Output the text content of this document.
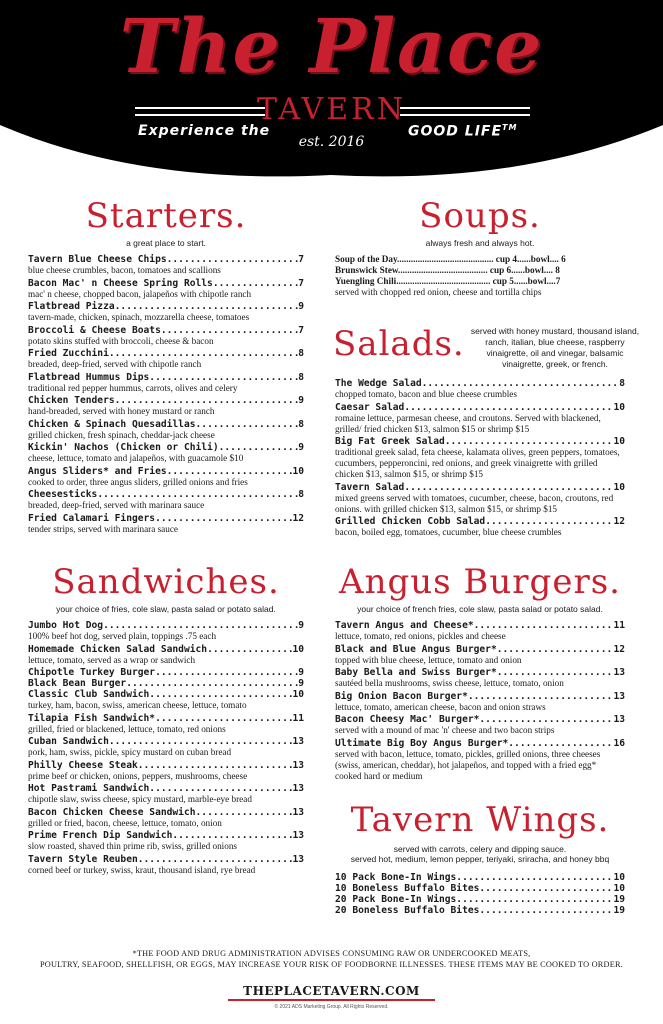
The Place
TAVERN
Experience the	GOOD LIFE™
est. 2016
Starters.
a great place to start.
Tavern Blue Cheese Chips .....	7
blue cheese crumbles, bacon, tomatoes and scallions
Bacon Mac' n Cheese Spring Rolls .....	7
mac' n cheese, chopped bacon, jalapeños with chipotle ranch
Flatbread Pizza .....	9
tavern-made, chicken, spinach, mozzarella cheese, tomatoes
Broccoli & Cheese Boats .....	7
potato skins stuffed with broccoli, cheese & bacon
Fried Zucchini .....	8
breaded, deep-fried, served with chipotle ranch
Flatbread Hummus Dips .....	8
traditional red pepper hummus, carrots, olives and celery
Chicken Tenders .....	9
hand-breaded, served with honey mustard or ranch
Chicken & Spinach Quesadillas .....	8
grilled chicken, fresh spinach, cheddar-jack cheese
Kickin' Nachos (Chicken or Chili) .....	9
cheese, lettuce, tomato and jalapeños, with guacamole $10
Angus Sliders* and Fries .....	10
cooked to order, three angus sliders, grilled onions and fries
Cheesesticks .....	8
breaded, deep-fried, served with marinara sauce
Fried Calamari Fingers .....	12
tender strips, served with marinara sauce
Soups.
always fresh and always hot.
Soup of the Day.......................................... cup 4......bowl.... 6
Brunswick Stew....................................... cup 6......bowl.... 8
Yuengling Chili......................................... cup 5......bowl....7
served with chopped red onion, cheese and tortilla chips
Salads. served with honey mustard, thousand island, ranch, italian, blue cheese, raspberry vinaigrette, oil and vinegar, balsamic vinaigrette, greek, or french.
The Wedge Salad .....	8
chopped tomato, bacon and blue cheese crumbles
Caesar Salad .....	10
romaine lettuce, parmesan cheese, and croutons. Served with blackened, grilled/ fried chicken $13, salmon $15 or shrimp $15
Big Fat Greek Salad .....	10
traditional greek salad, feta cheese, kalamata olives, green peppers, tomatoes, cucumbers, pepperoncini, red onions, and greek vinaigrette with grilled chicken $13, salmon $15, or shrimp $15
Tavern Salad .....	10
mixed greens served with tomatoes, cucumber, cheese, bacon, croutons, red onions. with grilled chicken $13, salmon $15, or shrimp $15
Grilled Chicken Cobb Salad .....	12
bacon, boiled egg, tomatoes, cucumber, blue cheese crumbles
Sandwiches.
your choice of fries, cole slaw, pasta salad or potato salad.
Jumbo Hot Dog .....	9
100% beef hot dog, served plain, toppings .75 each
Homemade Chicken Salad Sandwich .....	10
lettuce, tomato, served as a wrap or sandwich
Chipotle Turkey Burger .....	9
Black Bean Burger .....	9
Classic Club Sandwich .....	10
turkey, ham, bacon, swiss, american cheese, lettuce, tomato
Tilapia Fish Sandwich* .....	11
grilled, fried or blackened, lettuce, tomato, red onions
Cuban Sandwich .....	13
pork, ham, swiss, pickle, spicy mustard on cuban bread
Philly Cheese Steak .....	13
prime beef or chicken, onions, peppers, mushrooms, cheese
Hot Pastrami Sandwich .....	13
chipotle slaw, swiss cheese, spicy mustard, marble-eye bread
Bacon Chicken Cheese Sandwich .....	13
grilled or fried, bacon, cheese, lettuce, tomato, onion
Prime French Dip Sandwich .....	13
slow roasted, shaved thin prime rib, swiss, grilled onions
Tavern Style Reuben .....	13
corned beef or turkey, swiss, kraut, thousand island, rye bread
Angus Burgers.
your choice of french fries, cole slaw, pasta salad or potato salad.
Tavern Angus and Cheese* .....	11
lettuce, tomato, red onions, pickles and cheese
Black and Blue Angus Burger* .....	12
topped with blue cheese, lettuce, tomato and onion
Baby Bella and Swiss Burger* .....	13
sautéed bella mushrooms, swiss cheese, lettuce, tomato, onion
Big Onion Bacon Burger* .....	13
lettuce, tomato, american cheese, bacon and onion straws
Bacon Cheesy Mac' Burger* .....	13
served with a mound of mac 'n' cheese and two bacon strips
Ultimate Big Boy Angus Burger* .....	16
served with bacon, lettuce, tomato, pickles, grilled onions, three cheeses (swiss, american, cheddar), hot jalapeños, and topped with a fried egg* cooked hard or medium
Tavern Wings.
served with carrots, celery and dipping sauce.
served hot, medium, lemon pepper, teriyaki, sriracha, and honey bbq
10 Pack Bone-In Wings .....	10
10 Boneless Buffalo Bites .....	10
20 Pack Bone-In Wings .....	19
20 Boneless Buffalo Bites .....	19
*THE FOOD AND DRUG ADMINISTRATION ADVISES CONSUMING RAW OR UNDERCOOKED MEATS,
POULTRY, SEAFOOD, SHELLFISH, OR EGGS, MAY INCREASE YOUR RISK OF FOODBORNE ILLNESSES. THESE ITEMS MAY BE COOKED TO ORDER.
THEPLACETAVERN.COM
© 2021 ADS Marketing Group. All Rights Reserved.
